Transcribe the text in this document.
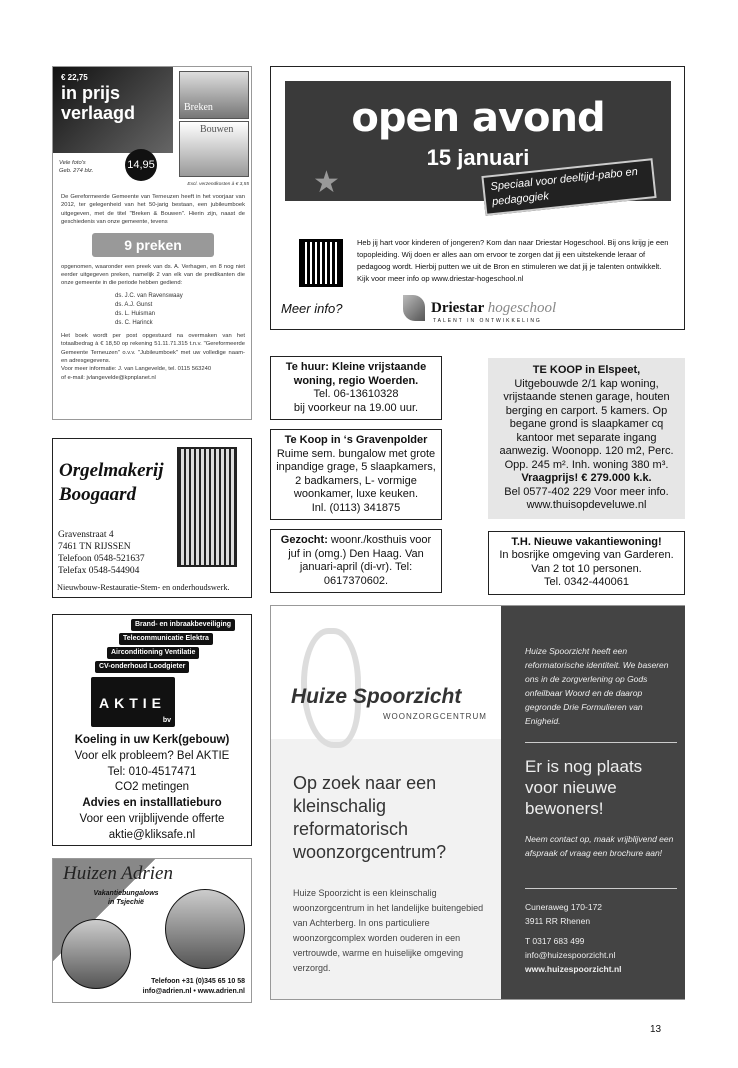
€ 22,75
in prijs verlaagd	Breken
Bouwen
Vele foto's
Geb. 274 blz.
14,95
Excl. verzendkosten à € 3,55
De Gereformeerde Gemeente van Terneuzen heeft in het voorjaar van 2012, ter gelegenheid van het 50-jarig bestaan, een jubileumboek uitgegeven, met de titel "Breken & Bouwen". Hierin zijn, naast de geschiedenis van onze gemeente, tevens
9 preken
opgenomen, waaronder een preek van ds. A. Verhagen, en 8 nog niet eerder uitgegeven preken, namelijk 2 van elk van de predikanten die onze gemeente in die periode hebben gediend:
ds. J.C. van Ravenswaay
ds. A.J. Gunst
ds. L. Huisman
ds. C. Harinck
Het boek wordt per post opgestuurd na overmaken van het totaalbedrag à € 18,50 op rekening 51.11.71.315 t.n.v. "Gereformeerde Gemeente Terneuzen" o.v.v. "Jubileumboek" met uw volledige naam- en adresgegevens.
Voor meer informatie: J. van Langevelde, tel. 0115 563240
of e-mail: jvlangevelde@kpnplanet.nl
★
open avond
15 januari
Speciaal voor deeltijd-pabo en pedagogiek
Heb jij hart voor kinderen of jongeren? Kom dan naar Driestar Hogeschool. Bij ons krijg je een topopleiding. Wij doen er alles aan om ervoor te zorgen dat jij een uitstekende leraar of pedagoog wordt. Hierbij putten we uit de Bron en stimuleren we dat jij je talenten ontwikkelt. Kijk voor meer info op www.driestar-hogeschool.nl
Meer info?	Driestar hogeschool
TALENT IN ONTWIKKELING
Te huur: Kleine vrijstaande woning, regio Woerden.
Tel. 06-13610328
bij voorkeur na 19.00 uur.
Te Koop in ‘s Gravenpolder
Ruime sem. bungalow met grote inpandige grage, 5 slaapkamers, 2 badkamers, L- vormige woonkamer, luxe keuken.
Inl. (0113) 341875
Gezocht: woonr./kosthuis voor juf in (omg.) Den Haag. Van januari-april (di-vr). Tel: 0617370602.
TE KOOP in Elspeet,
Uitgebouwde 2/1 kap woning, vrijstaande stenen garage, houten berging en carport. 5 kamers. Op begane grond is slaapkamer cq kantoor met separate ingang aanwezig. Woonopp. 120 m2, Perc. Opp. 245 m². Inh. woning 380 m³.
Vraagprijs! € 279.000 k.k.
Bel 0577-402 229 Voor meer info.
www.thuisopdeveluwe.nl
T.H. Nieuwe vakantiewoning!
In bosrijke omgeving van Garderen.
Van 2 tot 10 personen.
Tel. 0342-440061
Huize Spoorzicht
WOONZORGCENTRUM
Op zoek naar een kleinschalig reformatorisch woonzorgcentrum?
Huize Spoorzicht is een kleinschalig woonzorgcentrum in het landelijke buitengebied van Achterberg. In ons particuliere woonzorgcomplex worden ouderen in een vertrouwde, warme en huiselijke omgeving verzorgd.
Huize Spoorzicht heeft een reformatorische identiteit. We baseren ons in de zorgverlening op Gods onfeilbaar Woord en de daarop gegronde Drie Formulieren van Enigheid.
Er is nog plaats voor nieuwe bewoners!
Neem contact op, maak vrijblijvend een afspraak of vraag een brochure aan!
Cuneraweg 170-172
3911 RR Rhenen
T 0317 683 499
info@huizespoorzicht.nl
www.huizespoorzicht.nl
Orgelmakerij
Boogaard
Gravenstraat 4
7461 TN RIJSSEN
Telefoon 0548-521637
Telefax 0548-544904
Nieuwbouw-Restauratie-Stem- en onderhoudswerk.
Brand- en inbraakbeveiliging
Telecommunicatie Elektra
Airconditioning Ventilatie
CV-onderhoud Loodgieter
AKTIE
bv
Koeling in uw Kerk(gebouw)
Voor elk probleem? Bel AKTIE
Tel: 010-4517471
CO2 metingen
Advies en installlatieburo
Voor een vrijblijvende offerte
aktie@kliksafe.nl
Huizen Adrien
Vakantiebungalows in Tsjechië
Telefoon +31 (0)345 65 10 58
info@adrien.nl • www.adrien.nl
13
